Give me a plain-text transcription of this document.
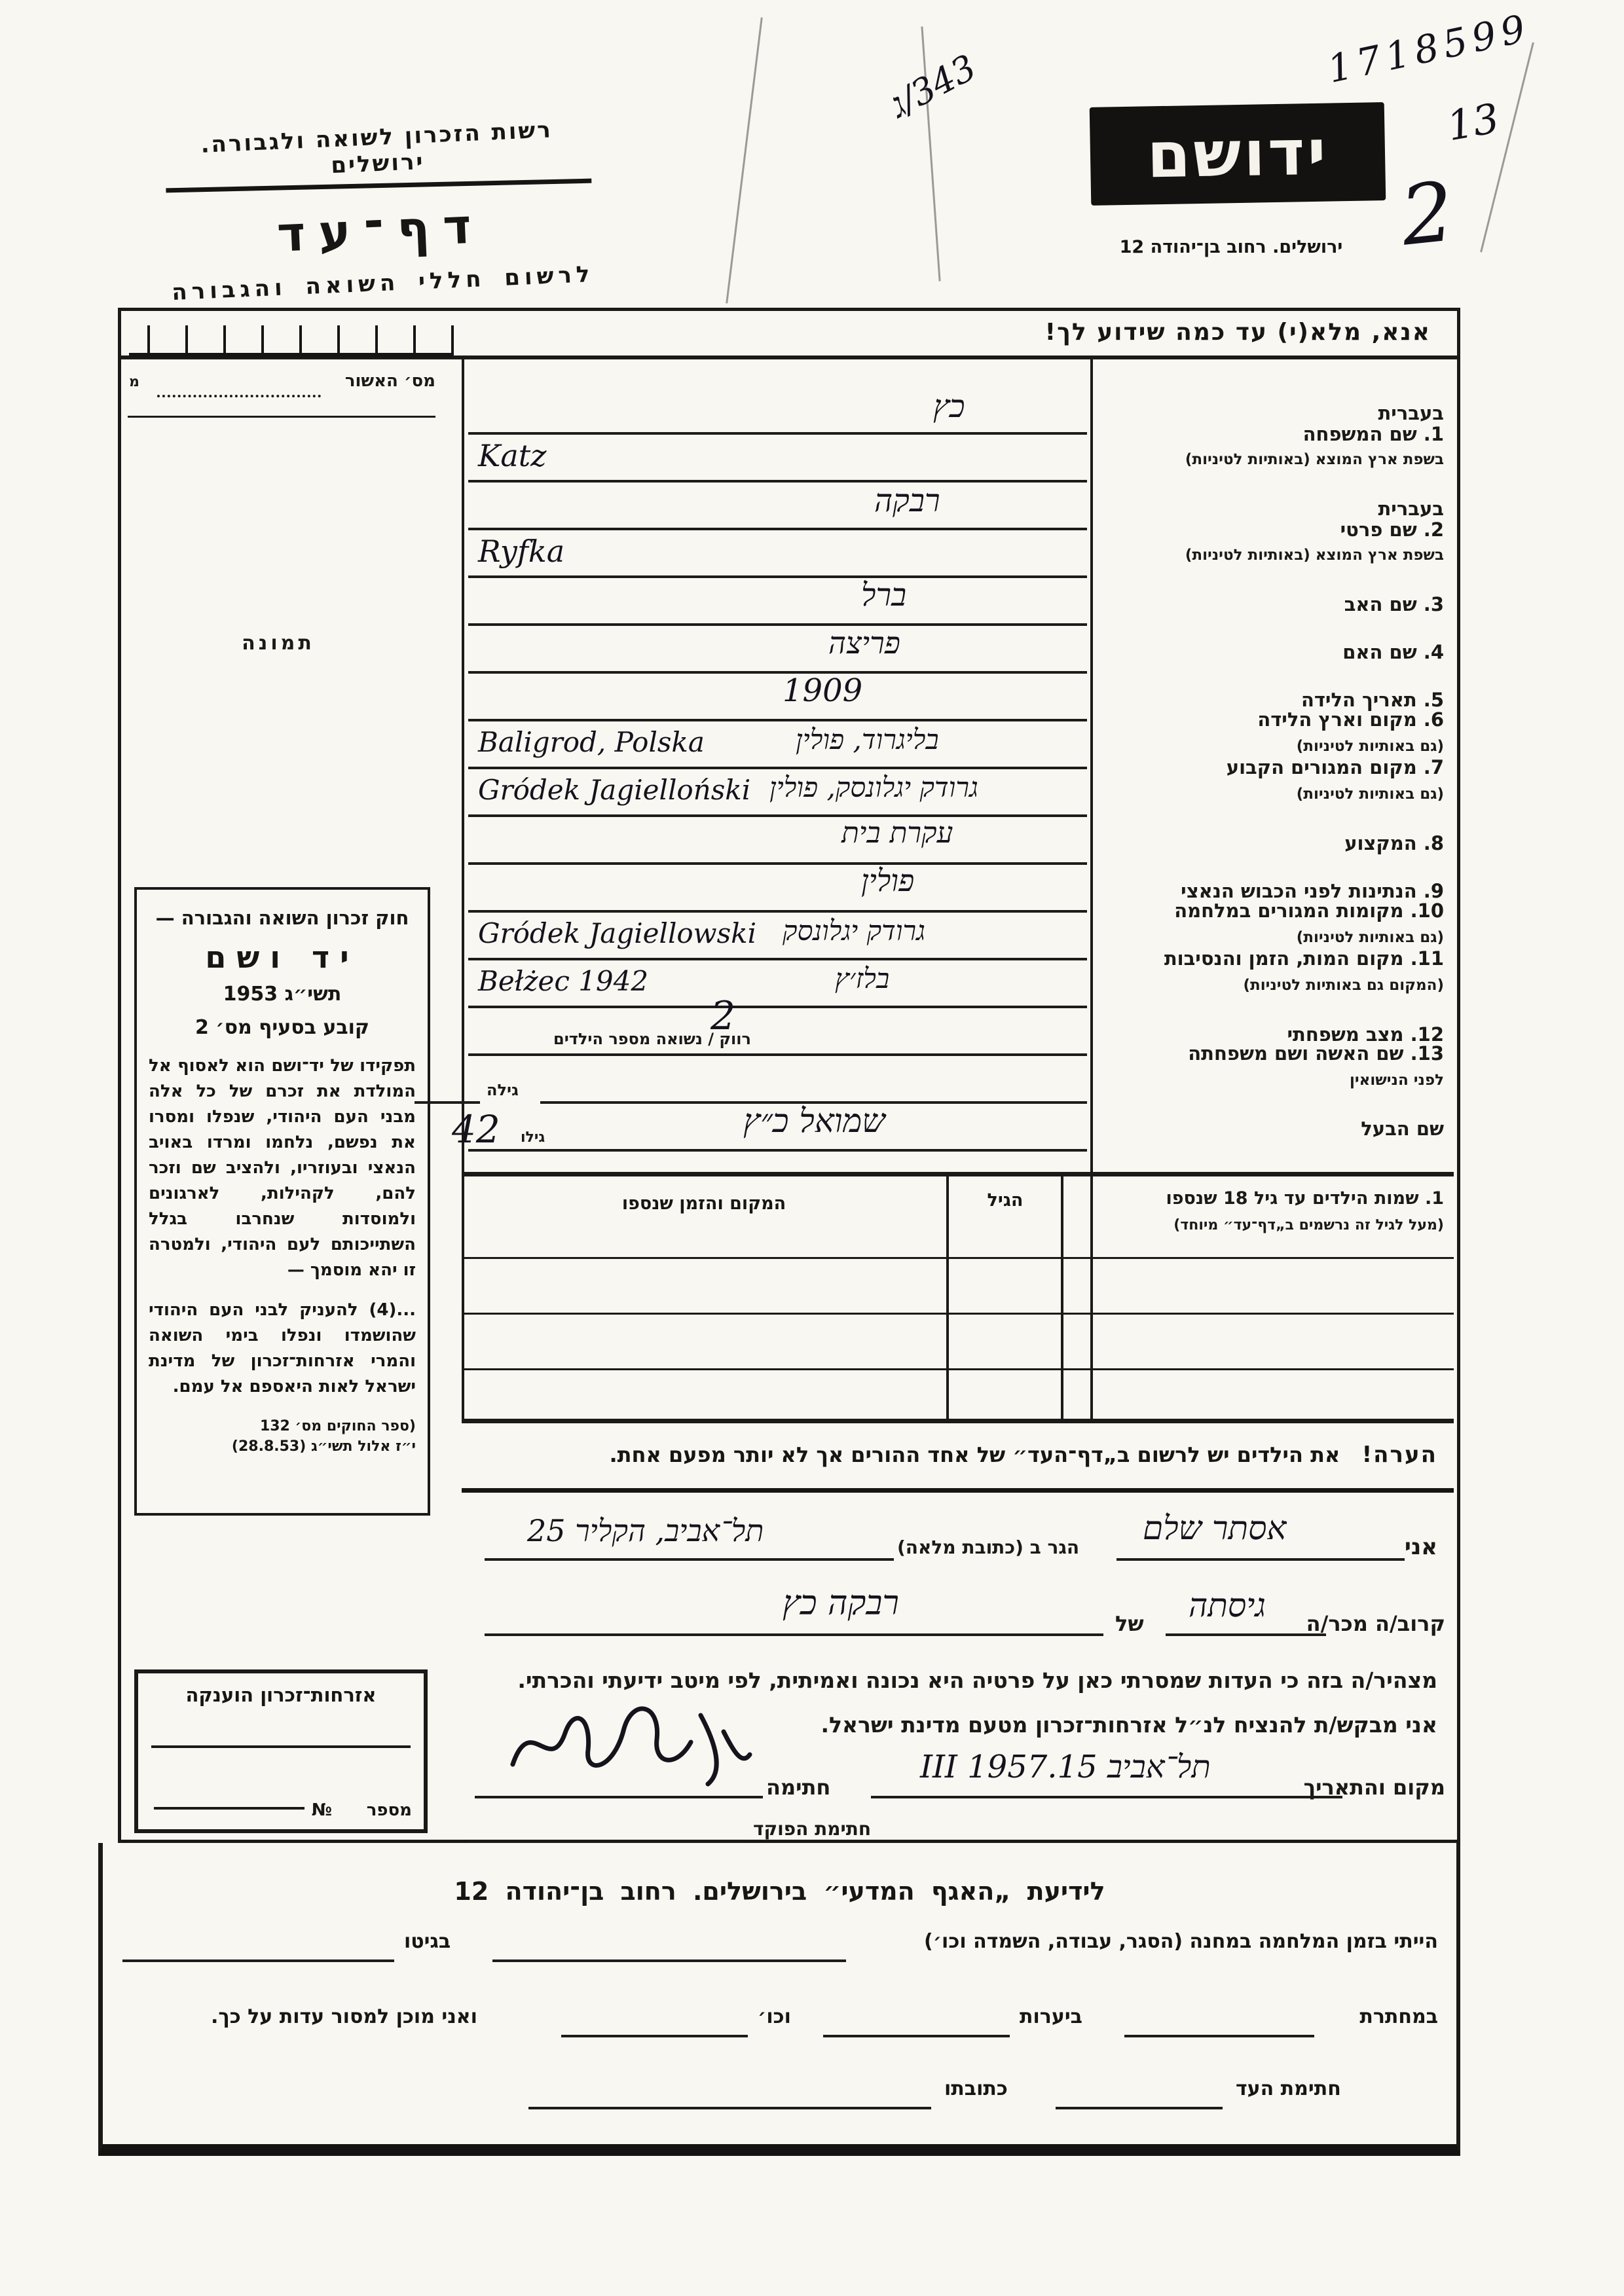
רשות הזכרון לשואה ולגבורה. ירושלים
דף־עד
לרשום חללי השואה והגבורה
343/ג
ידושם
ירושלים. רחוב בן־יהודה 12
1718599
13
2
אנא, מלא(י) עד כמה שידוע לך!
מס׳ האשור
מ
תמונה
חוק זכרון השואה והגבורה —
יד ושם
תשי״ג 1953
קובע בסעיף מס׳ 2
תפקידו של יד־ושם הוא לאסוף אל המולדת את זכרם של כל אלה מבני העם היהודי, שנפלו ומסרו את נפשם, נלחמו ומרדו באויב הנאצי ובעוזריו, ולהציב שם וזכר להם, לקהילות, לארגונים ולמוסדות שנחרבו בגלל השתייכותם לעם היהודי, ולמטרה זו יהא מוסמך —
‏...(4) להעניק לבני העם היהודי שהושמדו ונפלו בימי השואה והמרי אזרחות־זכרון של מדינת ישראל לאות היאספם אל עמם.
(ספר החוקים מס׳ 132
י״ז אלול תשי״ג (28.8.53)
אזרחות־זכרון הוענקה
מספר
№
בעברית
כץ
1. שם המשפחה
בשפת ארץ המוצא (באותיות לטיניות)
Katz
בעברית
רבקה
2. שם פרטי
בשפת ארץ המוצא (באותיות לטיניות)
Ryfka
3. שם האב
ברל
4. שם האם
פריצה
5. תאריך הלידה
1909
6. מקום וארץ הלידה
(גם באותיות לטיניות)
בליגרוד, פולין
Baligrod, Polska
7. מקום המגורים הקבוע
(גם באותיות לטיניות)
גרודק יגלונסק, פולין
Gródek Jagielloński
8. המקצוע
עקרת בית
9. הנתינות לפני הכבוש הנאצי
פולין
10. מקומות המגורים במלחמה
(גם באותיות לטיניות)
גרודק יגלונסק
Gródek Jagiellowski
11. מקום המות, הזמן והנסיבות
(המקום גם באותיות לטיניות)
בלז׳ץ
Bełżec 1942
12. מצב משפחתי
רווק / נשואה מספר הילדים
2
13. שם האשה ושם משפחתה
לפני הנישואין
גילה
שם הבעל
שמואל כ״ץ
42 גילו
1. שמות הילדים עד גיל 18 שנספו
(מעל לגיל זה נרשמים ב„דף־עד״ מיוחד)
המקום והזמן שנספו	הגיל
הערה!   את הילדים יש לרשום ב„דף־העד״ של אחד ההורים אך לא יותר מפעם אחת.
אני
אסתר שלם
הגר ב (כתובת מלאה)
תל־אביב, הקליר 25
קרוב/ה מכר/ה
גיסתה
של
רבקה כץ
מצהיר/ה בזה כי העדות שמסרתי כאן על פרטיה היא נכונה ואמיתית, לפי מיטב ידיעתי והכרתי.
אני מבקש/ת להנציח לנ״ל אזרחות־זכרון מטעם מדינת ישראל.
מקום והתאריך
תל־אביב 15.III 1957
חתימה
חתימת הפוקד
לידיעת „האגף המדעי״ בירושלים. רחוב בן־יהודה 12
הייתי בזמן המלחמה במחנה (הסגר, עבודה, השמדה וכו׳)
בגיטו
במחתרת
ביערות
וכו׳
ואני מוכן למסור עדות על כך.
חתימת העד
כתובתו
